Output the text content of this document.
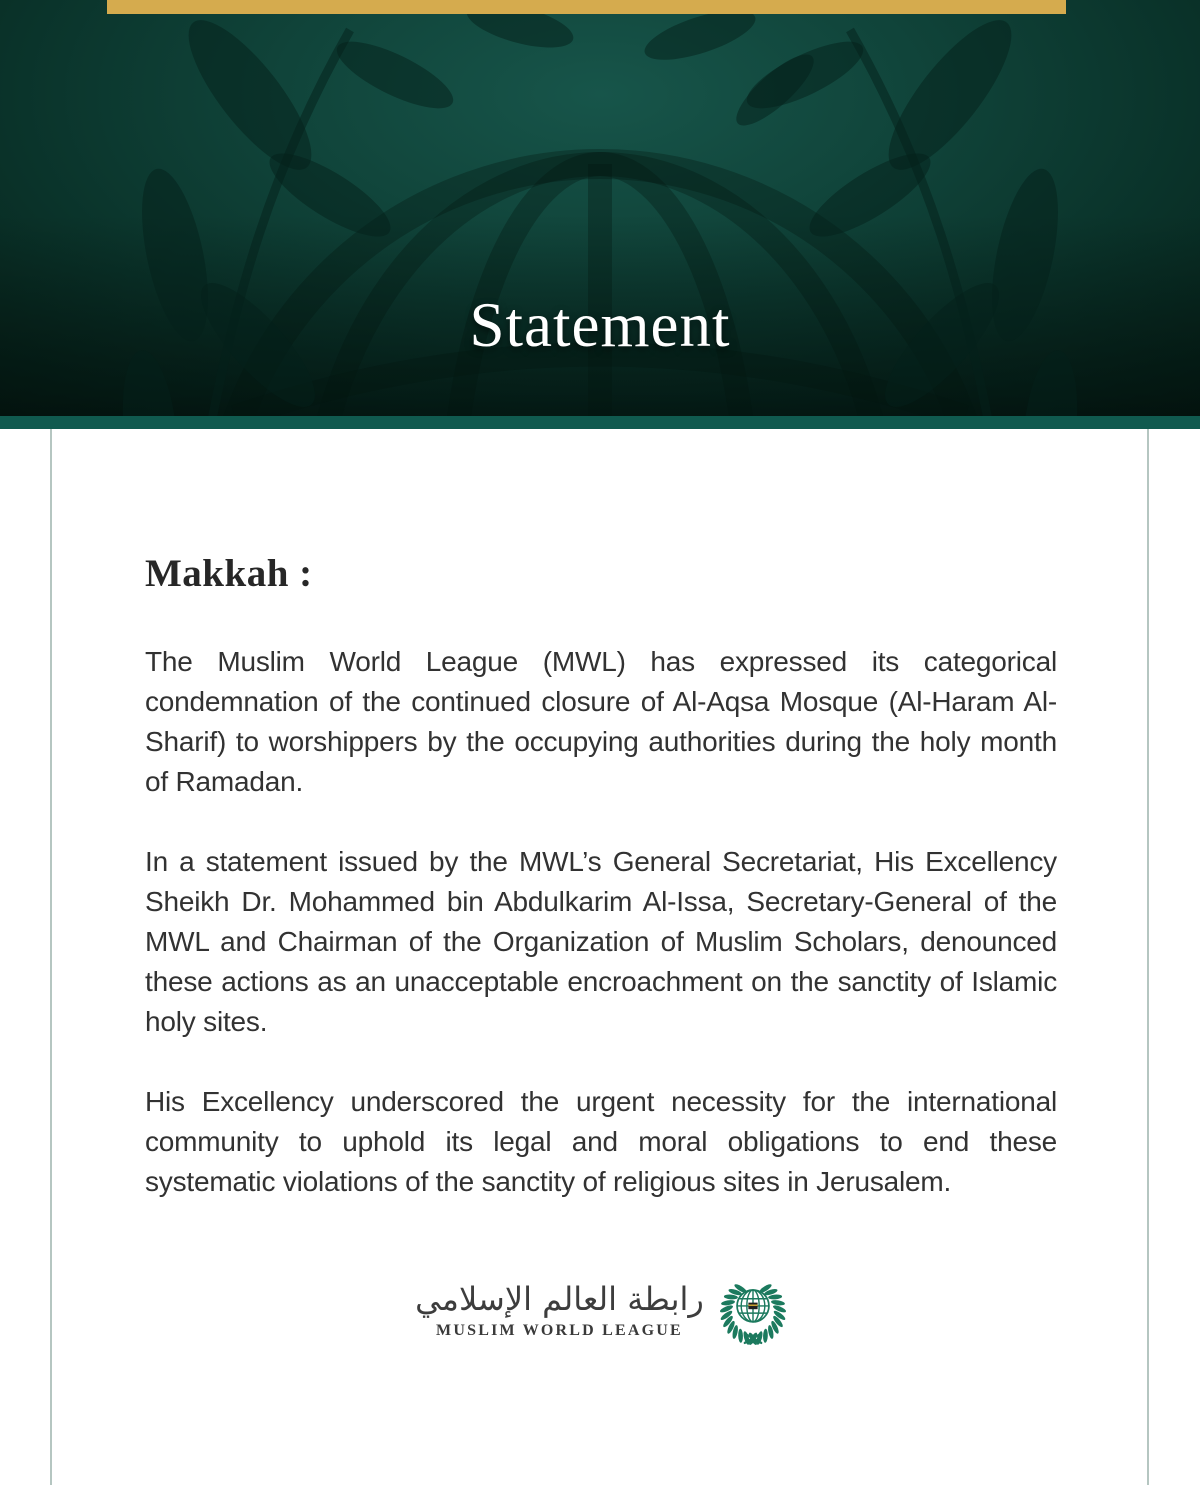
Statement
Makkah :

The Muslim World League (MWL) has expressed its categorical condemnation of the continued closure of Al-Aqsa Mosque (Al-Haram Al-Sharif) to worshippers by the occupying authorities during the holy month of Ramadan.

In a statement issued by the MWL’s General Secretariat, His Excellency Sheikh Dr. Mohammed bin Abdulkarim Al-Issa, Secretary-General of the MWL and Chairman of the Organization of Muslim Scholars, denounced these actions as an unacceptable encroachment on the sanctity of Islamic holy sites.

His Excellency underscored the urgent necessity for the international community to uphold its legal and moral obligations to end these systematic violations of the sanctity of religious sites in Jerusalem.

رابطة العالم الإسلامي
MUSLIM WORLD LEAGUE
